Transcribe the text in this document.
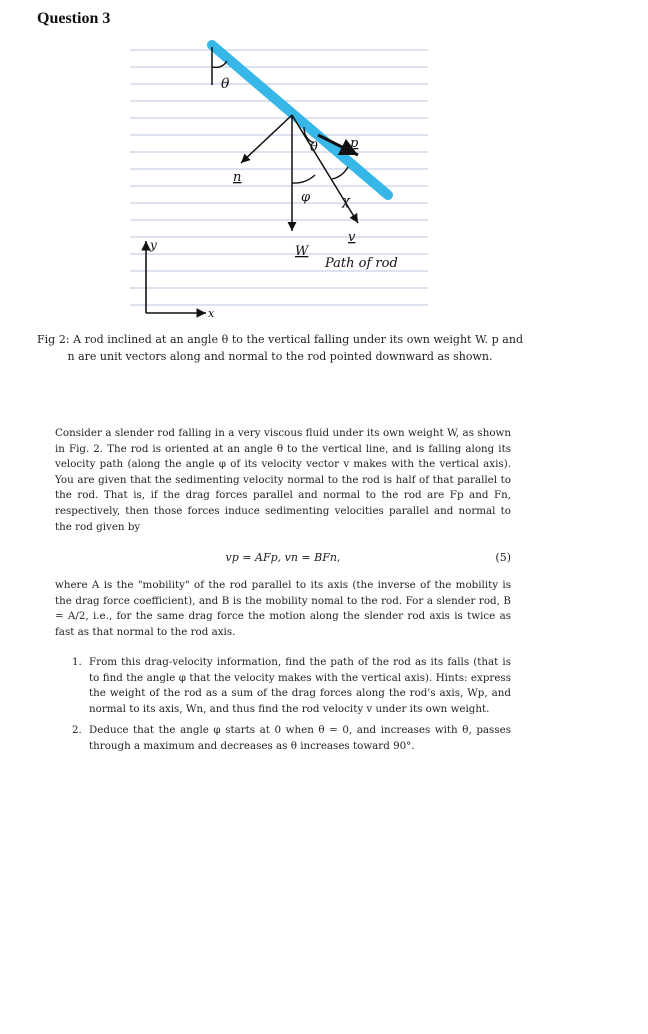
Question 3
θ
θ p
n
φ χ
W
v
Path of rod
y
x
Fig 2: A rod inclined at an angle θ to the vertical falling under its own weight W. p and n are unit vectors along and normal to the rod pointed downward as shown.
Consider a slender rod falling in a very viscous fluid under its own weight W, as shown in Fig. 2. The rod is oriented at an angle θ to the vertical line, and is falling along its velocity path (along the angle φ of its velocity vector v makes with the vertical axis). You are given that the sedimenting velocity normal to the rod is half of that parallel to the rod. That is, if the drag forces parallel and normal to the rod are Fp and Fn, respectively, then those forces induce sedimenting velocities parallel and normal to the rod given by
vp = AFp, vn = BFn,	(5)
where A is the "mobility" of the rod parallel to its axis (the inverse of the mobility is the drag force coefficient), and B is the mobility nomal to the rod. For a slender rod, B = A/2, i.e., for the same drag force the motion along the slender rod axis is twice as fast as that normal to the rod axis.
1. From this drag-velocity information, find the path of the rod as its falls (that is to find the angle φ that the velocity makes with the vertical axis). Hints: express the weight of the rod as a sum of the drag forces along the rod's axis, Wp, and normal to its axis, Wn, and thus find the rod velocity v under its own weight.
2. Deduce that the angle φ starts at 0 when θ = 0, and increases with θ, passes through a maximum and decreases as θ increases toward 90°.
